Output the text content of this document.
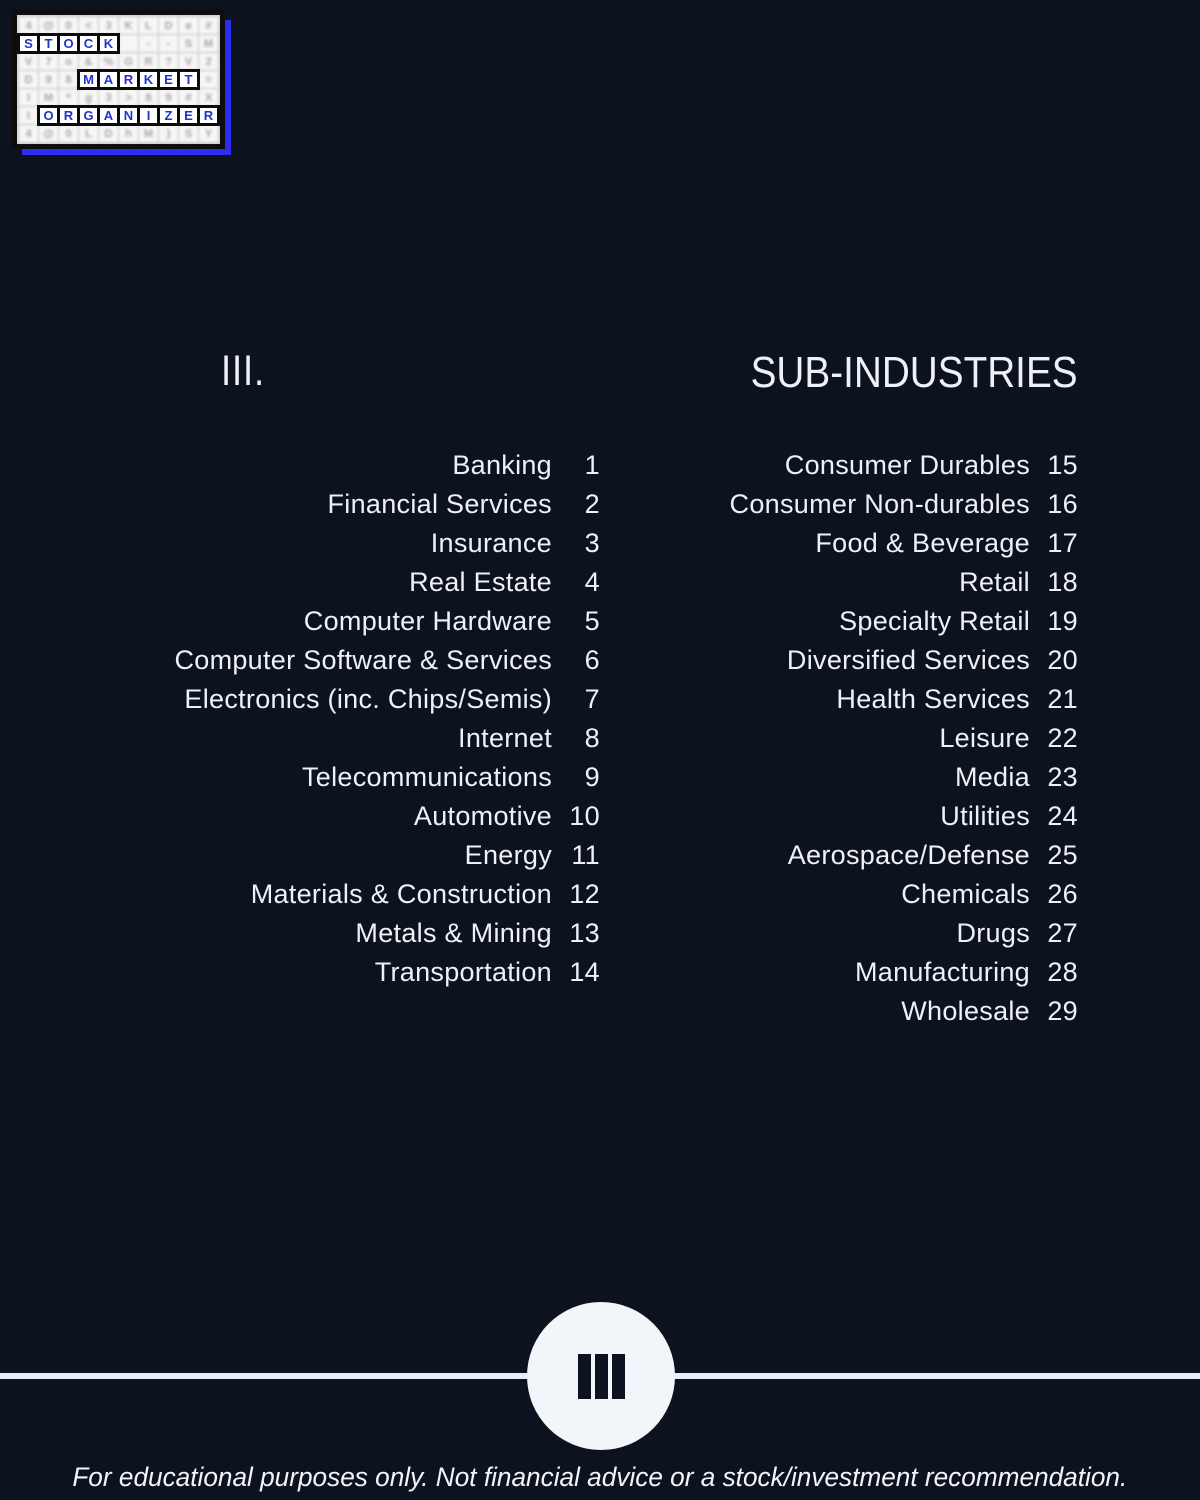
4	@	0	<	3	K	L	D	e	#
S T O C K	-	-	S	M
V	7	o	&	% G	R	?	V	2
D	9	8 M A R K E T	=
I	M	*	g	3	>	8	9	#	X
I	O R G A N	I	Z E R
4	@	0	L	D	h	M	)	S	Y
III.	SUB-INDUSTRIES
Banking	1
Financial Services	2
Insurance	3
Real Estate	4
Computer Hardware	5
Computer Software & Services	6
Electronics (inc. Chips/Semis)	7
Internet	8
Telecommunications	9
Automotive 10
Energy 11
Materials & Construction 12
Metals & Mining 13
Transportation 14
Consumer Durables 15
Consumer Non-durables 16
Food & Beverage 17
Retail 18
Specialty Retail 19
Diversified Services 20
Health Services 21
Leisure 22
Media 23
Utilities 24
Aerospace/Defense 25
Chemicals 26
Drugs 27
Manufacturing 28
Wholesale 29
For educational purposes only. Not financial advice or a stock/investment recommendation.
